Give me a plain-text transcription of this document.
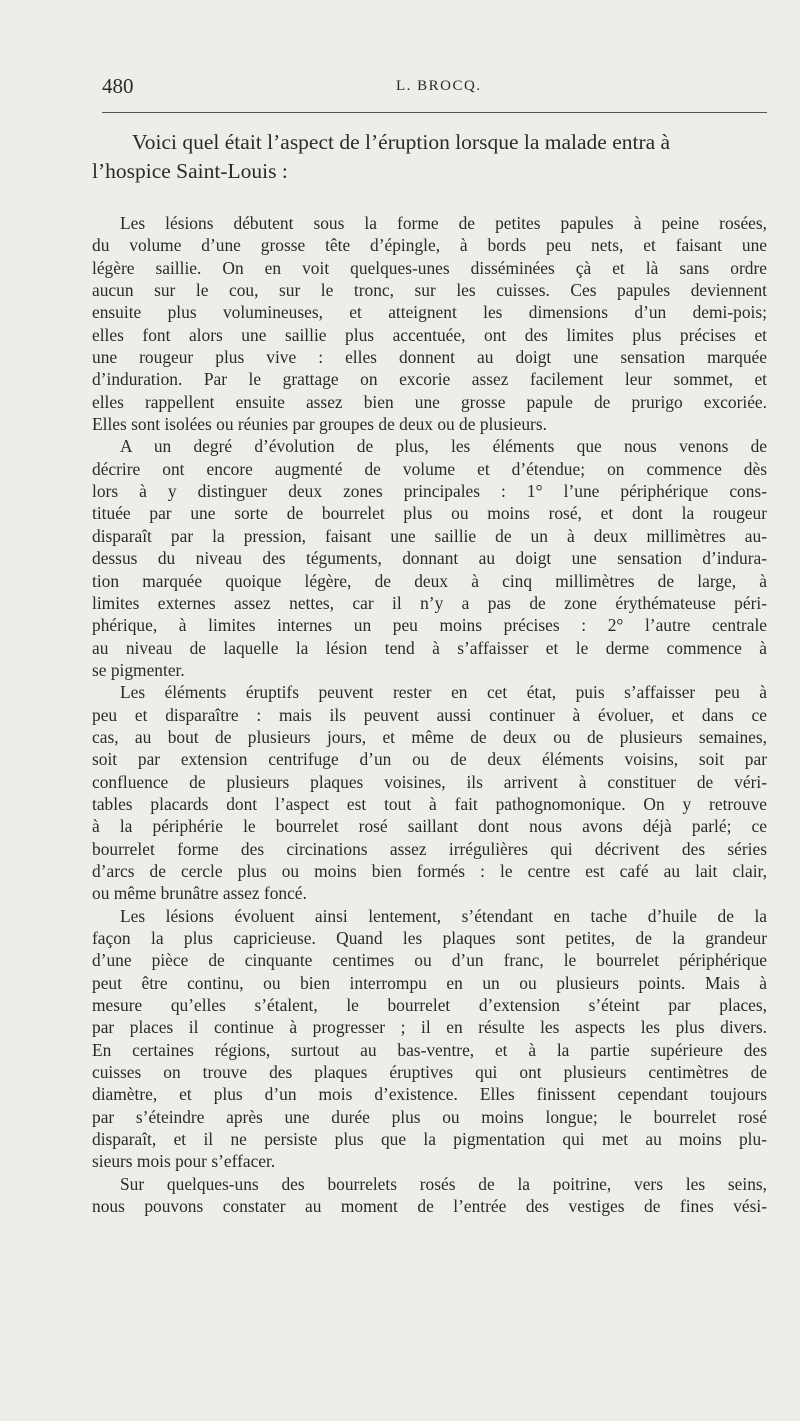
480	L. BROCQ.
Voici quel était l’aspect de l’éruption lorsque la malade entra à
l’hospice Saint-Louis :
Les lésions débutent sous la forme de petites papules à peine rosées,
du volume d’une grosse tête d’épingle, à bords peu nets, et faisant une
légère saillie. On en voit quelques-unes disséminées çà et là sans ordre
aucun sur le cou, sur le tronc, sur les cuisses. Ces papules deviennent
ensuite plus volumineuses, et atteignent les dimensions d’un demi-pois;
elles font alors une saillie plus accentuée, ont des limites plus précises et
une rougeur plus vive : elles donnent au doigt une sensation marquée
d’induration. Par le grattage on excorie assez facilement leur sommet, et
elles rappellent ensuite assez bien une grosse papule de prurigo excoriée.
Elles sont isolées ou réunies par groupes de deux ou de plusieurs.
A un degré d’évolution de plus, les éléments que nous venons de
décrire ont encore augmenté de volume et d’étendue; on commence dès
lors à y distinguer deux zones principales : 1° l’une périphérique cons-
tituée par une sorte de bourrelet plus ou moins rosé, et dont la rougeur
disparaît par la pression, faisant une saillie de un à deux millimètres au-
dessus du niveau des téguments, donnant au doigt une sensation d’indura-
tion marquée quoique légère, de deux à cinq millimètres de large, à
limites externes assez nettes, car il n’y a pas de zone érythémateuse péri-
phérique, à limites internes un peu moins précises : 2° l’autre centrale
au niveau de laquelle la lésion tend à s’affaisser et le derme commence à
se pigmenter.
Les éléments éruptifs peuvent rester en cet état, puis s’affaisser peu à
peu et disparaître : mais ils peuvent aussi continuer à évoluer, et dans ce
cas, au bout de plusieurs jours, et même de deux ou de plusieurs semaines,
soit par extension centrifuge d’un ou de deux éléments voisins, soit par
confluence de plusieurs plaques voisines, ils arrivent à constituer de véri-
tables placards dont l’aspect est tout à fait pathognomonique. On y retrouve
à la périphérie le bourrelet rosé saillant dont nous avons déjà parlé; ce
bourrelet forme des circinations assez irrégulières qui décrivent des séries
d’arcs de cercle plus ou moins bien formés : le centre est café au lait clair,
ou même brunâtre assez foncé.
Les lésions évoluent ainsi lentement, s’étendant en tache d’huile de la
façon la plus capricieuse. Quand les plaques sont petites, de la grandeur
d’une pièce de cinquante centimes ou d’un franc, le bourrelet périphérique
peut être continu, ou bien interrompu en un ou plusieurs points. Mais à
mesure qu’elles s’étalent, le bourrelet d’extension s’éteint par places,
par places il continue à progresser ; il en résulte les aspects les plus divers.
En certaines régions, surtout au bas-ventre, et à la partie supérieure des
cuisses on trouve des plaques éruptives qui ont plusieurs centimètres de
diamètre, et plus d’un mois d’existence. Elles finissent cependant toujours
par s’éteindre après une durée plus ou moins longue; le bourrelet rosé
disparaît, et il ne persiste plus que la pigmentation qui met au moins plu-
sieurs mois pour s’effacer.
Sur quelques-uns des bourrelets rosés de la poitrine, vers les seins,
nous pouvons constater au moment de l’entrée des vestiges de fines vési-
